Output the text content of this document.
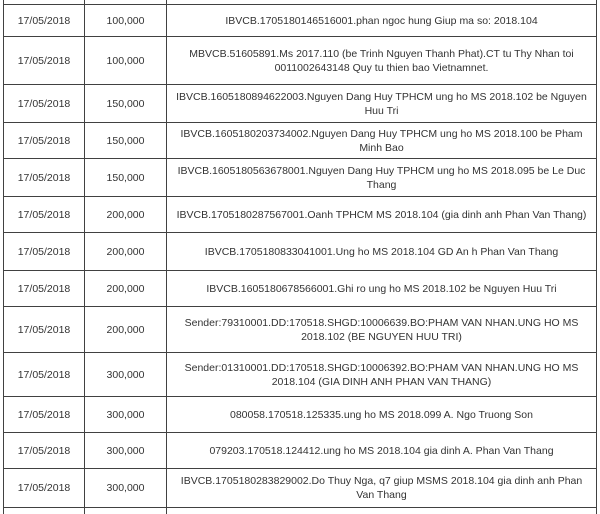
17/05/2018	100,000	IBVCB.1705180146516001.phan ngoc hung Giup ma so: 2018.104
17/05/2018	100,000	MBVCB.51605891.Ms 2017.110 (be Trinh Nguyen Thanh Phat).CT tu Thy Nhan toi 0011002643148 Quy tu thien bao Vietnamnet.
17/05/2018	150,000	IBVCB.1605180894622003.Nguyen Dang Huy TPHCM ung ho MS 2018.102 be Nguyen Huu Tri
17/05/2018	150,000	IBVCB.1605180203734002.Nguyen Dang Huy TPHCM ung ho MS 2018.100 be Pham Minh Bao
17/05/2018	150,000	IBVCB.1605180563678001.Nguyen Dang Huy TPHCM ung ho MS 2018.095 be Le Duc Thang
17/05/2018	200,000	IBVCB.1705180287567001.Oanh TPHCM MS 2018.104 (gia dinh anh Phan Van Thang)
17/05/2018	200,000	IBVCB.1705180833041001.Ung ho MS 2018.104 GD An h Phan Van Thang
17/05/2018	200,000	IBVCB.1605180678566001.Ghi ro ung ho MS 2018.102 be Nguyen Huu Tri
17/05/2018	200,000	Sender:79310001.DD:170518.SHGD:10006639.BO:PHAM VAN NHAN.UNG HO MS 2018.102 (BE NGUYEN HUU TRI)
17/05/2018	300,000	Sender:01310001.DD:170518.SHGD:10006392.BO:PHAM VAN NHAN.UNG HO MS 2018.104 (GIA DINH ANH PHAN VAN THANG)
17/05/2018	300,000	080058.170518.125335.ung ho MS 2018.099 A. Ngo Truong Son
17/05/2018	300,000	079203.170518.124412.ung ho MS 2018.104 gia dinh A. Phan Van Thang
17/05/2018	300,000	IBVCB.1705180283829002.Do Thuy Nga, q7 giup MSMS 2018.104 gia dinh anh Phan Van Thang
